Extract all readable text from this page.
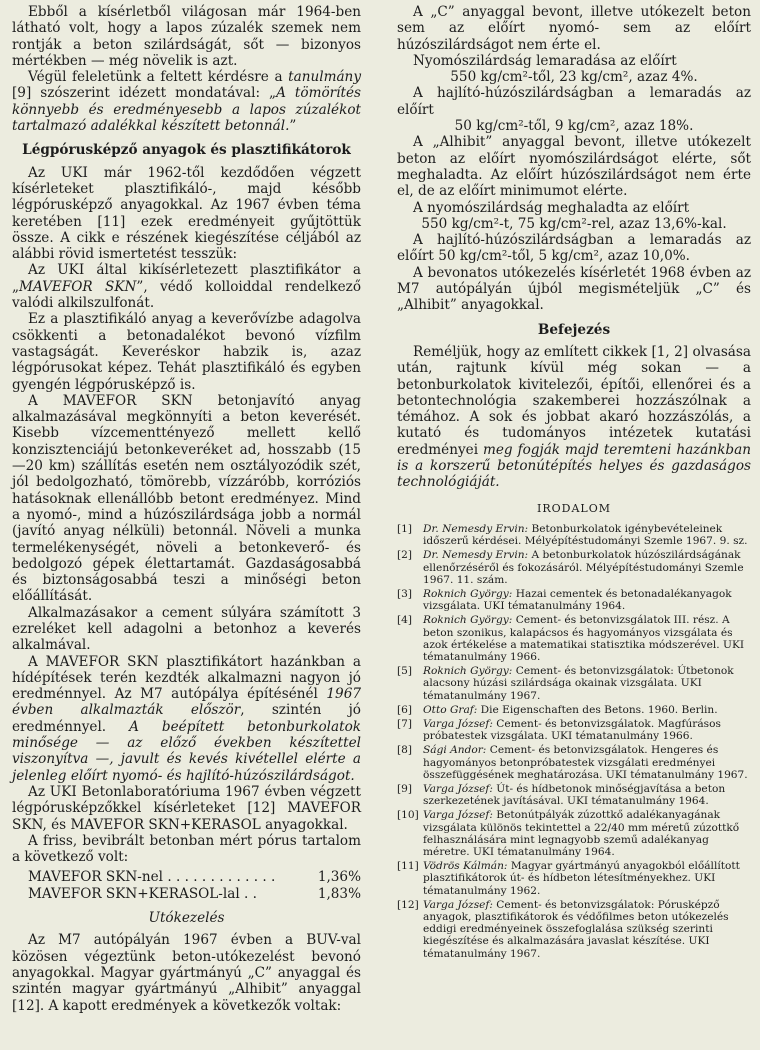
Ebből a kísérletből világosan már 1964-ben látható volt, hogy a lapos zúzalék szemek nem rontják a beton szilárdságát, sőt — bizonyos mértékben — még növelik is azt.

Végül feleletünk a feltett kérdésre a tanulmány [9] szószerint idézett mondatával: „A tömörítés könnyebb és eredményesebb a lapos zúzalékot tartalmazó adalékkal készített betonnál.”

Légpórusképző anyagok és plasztifikátorok

Az UKI már 1962-től kezdődően végzett kísérleteket plasztifikáló-, majd később légpórusképző anyagokkal. Az 1967 évben téma keretében [11] ezek eredményeit gyűjtöttük össze. A cikk e részének kiegészítése céljából az alábbi rövid ismertetést tesszük:

Az UKI által kikísérletezett plasztifikátor a „MAVEFOR SKN”, védő kolloiddal rendelkező valódi alkilszulfonát.

Ez a plasztifikáló anyag a keverővízbe adagolva csökkenti a betonadalékot bevonó vízfilm vastagságát. Keveréskor habzik is, azaz légpórusokat képez. Tehát plasztifikáló és egyben gyengén légpórusképző is.

A MAVEFOR SKN betonjavító anyag alkalmazásával megkönnyíti a beton keverését. Kisebb vízcementtényező mellett kellő konzisztenciájú betonkeveréket ad, hosszabb (15—20 km) szállítás esetén nem osztályozódik szét, jól bedolgozható, tömörebb, vízzáróbb, korróziós hatásoknak ellenállóbb betont eredményez. Mind a nyomó-, mind a húzószilárdsága jobb a normál (javító anyag nélküli) betonnál. Növeli a munka termelékenységét, növeli a betonkeverő- és bedolgozó gépek élettartamát. Gazdaságosabbá és biztonságosabbá teszi a minőségi beton előállítását.

Alkalmazásakor a cement súlyára számított 3 ezreléket kell adagolni a betonhoz a keverés alkalmával.

A MAVEFOR SKN plasztifikátort hazánkban a hídépítések terén kezdték alkalmazni nagyon jó eredménnyel. Az M7 autópálya építésénél 1967 évben alkalmazták először, szintén jó eredménnyel. A beépített betonburkolatok minősége — az előző években készítettel viszonyítva —, javult és kevés kivétellel elérte a jelenleg előírt nyomó- és hajlító-húzószilárdságot.

Az UKI Betonlaboratóriuma 1967 évben végzett légpórusképzőkkel kísérleteket [12] MAVEFOR SKN, és MAVEFOR SKN+KERASOL anyagokkal.

A friss, bevibrált betonban mért pórus tartalom a következő volt:

MAVEFOR SKN-nel . . . . . . . . . . . . .	1,36%
MAVEFOR SKN+KERASOL-lal . .	1,83%
Utókezelés

Az M7 autópályán 1967 évben a BUV-val közösen végeztünk beton-utókezelést bevonó anyagokkal. Magyar gyártmányú „C” anyaggal és szintén magyar gyártmányú „Alhibit” anyaggal [12]. A kapott eredmények a következők voltak:

A „C” anyaggal bevont, illetve utókezelt beton sem az előírt nyomó- sem az előírt húzószilárdságot nem érte el.

Nyomószilárdság lemaradása az előírt

550 kg/cm²-től, 23 kg/cm², azaz 4%.

A hajlító-húzószilárdságban a lemaradás az előírt

50 kg/cm²-től, 9 kg/cm², azaz 18%.

A „Alhibit” anyaggal bevont, illetve utókezelt beton az előírt nyomószilárdságot elérte, sőt meghaladta. Az előírt húzószilárdságot nem érte el, de az előírt minimumot elérte.

A nyomószilárdság meghaladta az előírt

550 kg/cm²-t, 75 kg/cm²-rel, azaz 13,6%-kal.

A hajlító-húzószilárdságban a lemaradás az előírt 50 kg/cm²-től, 5 kg/cm², azaz 10,0%.

A bevonatos utókezelés kísérletét 1968 évben az M7 autópályán újból megismételjük „C” és „Alhibit” anyagokkal.

Befejezés

Reméljük, hogy az említett cikkek [1, 2] olvasása után, rajtunk kívül még sokan — a betonburkolatok kivitelezői, építői, ellenőrei és a betontechnológia szakemberei hozzászólnak a témához. A sok és jobbat akaró hozzászólás, a kutató és tudományos intézetek kutatási eredményei meg fogják majd teremteni hazánkban is a korszerű betonútépítés helyes és gazdaságos technológiáját.

IRODALOM
[1]	Dr. Nemesdy Ervin: Betonburkolatok igénybevételeinek időszerű kérdései. Mélyépítéstudományi Szemle 1967. 9. sz.
[2]	Dr. Nemesdy Ervin: A betonburkolatok húzószilárdságának ellenőrzéséről és fokozásáról. Mélyépítéstudományi Szemle 1967. 11. szám.
[3]	Roknich György: Hazai cementek és betonadalékanyagok vizsgálata. UKI tématanulmány 1964.
[4]	Roknich György: Cement- és betonvizsgálatok III. rész. A beton szonikus, kalapácsos és hagyományos vizsgálata és azok értékelése a matematikai statisztika módszerével. UKI tématanulmány 1966.
[5]	Roknich György: Cement- és betonvizsgálatok: Útbetonok alacsony húzási szilárdsága okainak vizsgálata. UKI tématanulmány 1967.
[6]	Otto Graf: Die Eigenschaften des Betons. 1960. Berlin.
[7]	Varga József: Cement- és betonvizsgálatok. Magfúrásos próbatestek vizsgálata. UKI tématanulmány 1966.
[8]	Sági Andor: Cement- és betonvizsgálatok. Hengeres és hagyományos betonpróbatestek vizsgálati eredményei összefüggésének meghatározása. UKI tématanulmány 1967.
[9]	Varga József: Út- és hídbetonok minőségjavítása a beton szerkezetének javításával. UKI tématanulmány 1964.
[10] Varga József: Betonútpályák zúzottkő adalékanyagának vizsgálata különös tekintettel a 22/40 mm méretű zúzottkő felhasználására mint legnagyobb szemű adalékanyag méretre. UKI tématanulmány 1964.
[11] Vödrös Kálmán: Magyar gyártmányú anyagokból előállított plasztifikátorok út- és hídbeton létesítményekhez. UKI tématanulmány 1962.
[12] Varga József: Cement- és betonvizsgálatok: Pórusképző anyagok, plasztifikátorok és védőfilmes beton utókezelés eddigi eredményeinek összefoglalása szükség szerinti kiegészítése és alkalmazására javaslat készítése. UKI tématanulmány 1967.
